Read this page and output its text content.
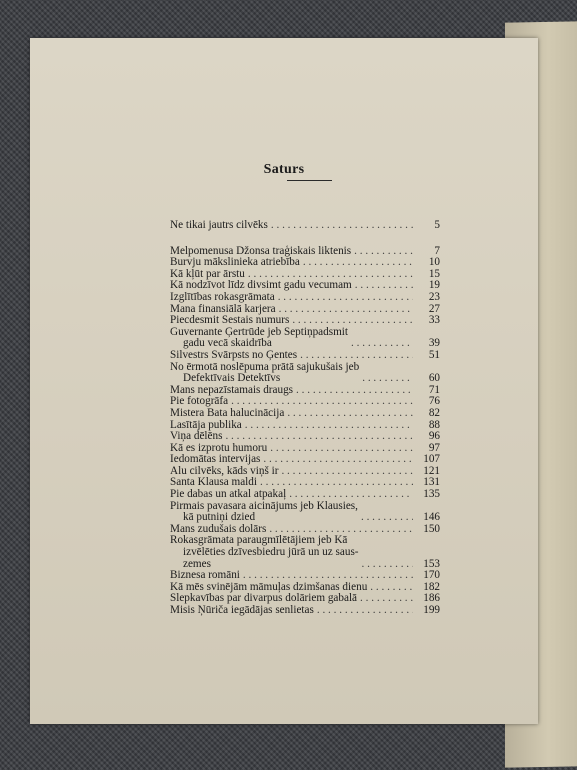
Saturs
Ne tikai jautrs cilvēks . . .	5
Melpomenusa Džonsa traģiskais liktenis . . .	7
Burvju mākslinieka atriebība . . .	10
Kā kļūt par ārstu . . .	15
Kā nodzīvot līdz divsimt gadu vecumam . . .	19
Izglītības rokasgrāmata . . .	23
Mana finansiālā karjera . . .	27
Piecdesmit Sestais numurs . . .	33
Guvernante Ģertrūde jeb Septiņpadsmit
gadu vecā skaidrība . . .	39
Silvestrs Svārpsts no Ģentes . . .	51
No ērmotā noslēpuma prātā sajukušais jeb
Defektīvais Detektīvs . . .	60
Mans nepazīstamais draugs . . .	71
Pie fotogrāfa . . .	76
Mistera Bata halucinācija . . .	82
Lasītāja publika . . .	88
Viņa dēlēns . . .	96
Kā es izprotu humoru . . .	97
Iedomātas intervijas . . .	107
Alu cilvēks, kāds viņš ir . . .	121
Santa Klausa maldi . . .	131
Pie dabas un atkal atpakaļ . . .	135
Pirmais pavasara aicinājums jeb Klausies,
kā putniņi dzied . . .	146
Mans zudušais dolārs . . .	150
Rokasgrāmata paraugmīlētājiem jeb Kā
izvēlēties dzīvesbiedru jūrā un uz saus-
zemes . . .	153
Biznesa romāni . . .	170
Kā mēs svinējām māmuļas dzimšanas dienu . . .	182
Slepkavības par divarpus dolāriem gabalā . . .	186
Misis Ņūriča iegādājas senlietas . . .	199
